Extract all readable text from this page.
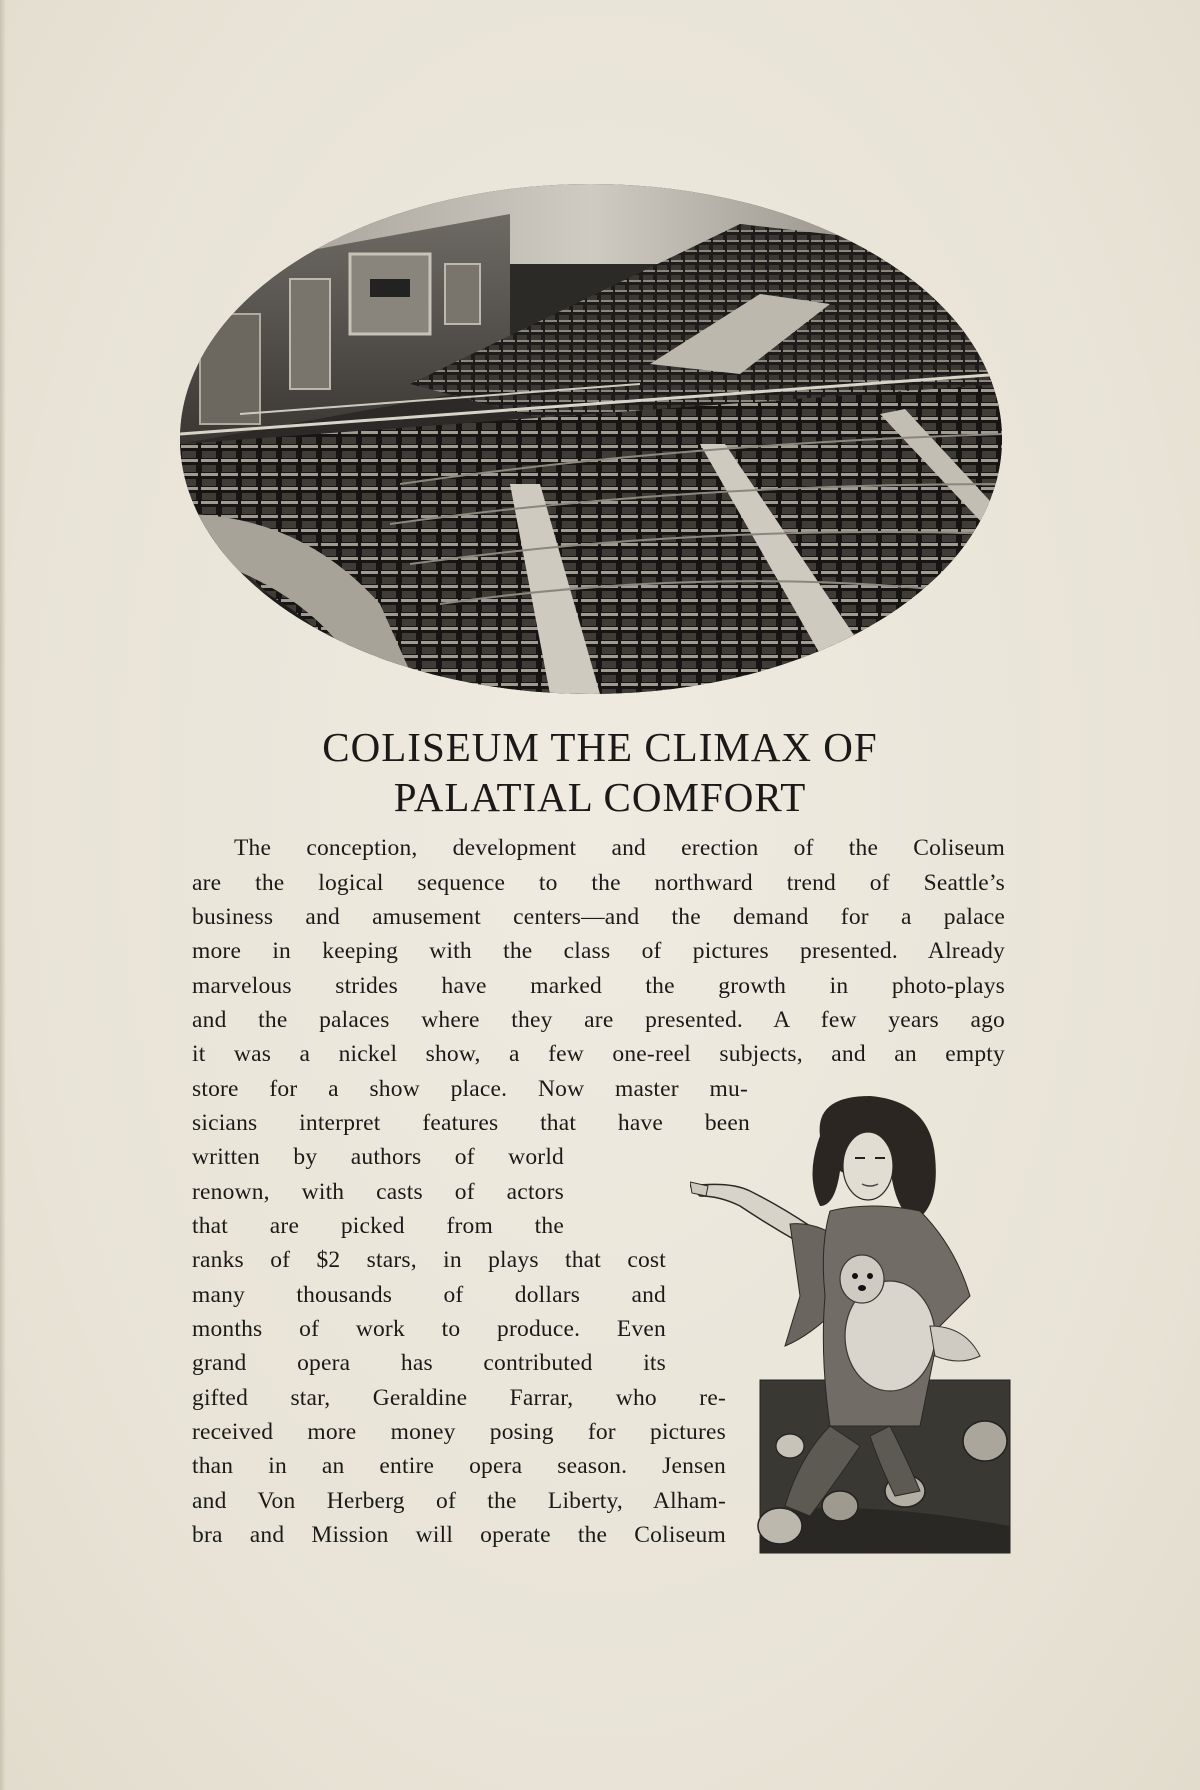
COLISEUM THE CLIMAX OF
PALATIAL COMFORT
The conception, development and erection of the Coliseum
are the logical sequence to the northward trend of Seattle’s
business and amusement centers—and the demand for a palace
more in keeping with the class of pictures presented. Already
marvelous strides have marked the growth in photo-plays
and the palaces where they are presented. A few years ago
it was a nickel show, a few one-reel subjects, and an empty
store for a show place. Now master mu-
sicians interpret features that have been
written by authors of world
renown, with casts of actors
that are picked from the
ranks of $2 stars, in plays that cost
many thousands of dollars and
months of work to produce. Even
grand opera has contributed its
gifted star, Geraldine Farrar, who re-
received more money posing for pictures
than in an entire opera season. Jensen
and Von Herberg of the Liberty, Alham-
bra and Mission will operate the Coliseum
